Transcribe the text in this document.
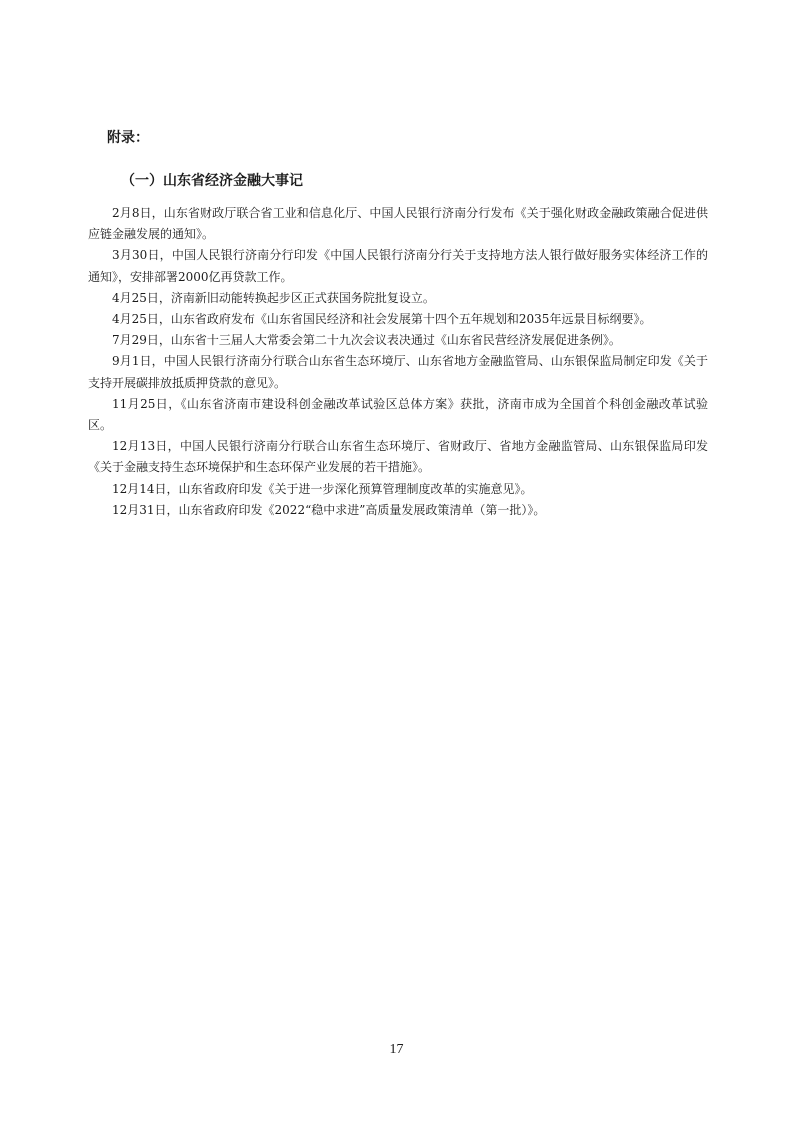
附录：
（一）山东省经济金融大事记

2月8日，山东省财政厅联合省工业和信息化厅、中国人民银行济南分行发布《关于强化财政金融政策融合促进供应链金融发展的通知》。

3月30日，中国人民银行济南分行印发《中国人民银行济南分行关于支持地方法人银行做好服务实体经济工作的通知》，安排部署2000亿再贷款工作。

4月25日，济南新旧动能转换起步区正式获国务院批复设立。

4月25日，山东省政府发布《山东省国民经济和社会发展第十四个五年规划和2035年远景目标纲要》。

7月29日，山东省十三届人大常委会第二十九次会议表决通过《山东省民营经济发展促进条例》。

9月1日，中国人民银行济南分行联合山东省生态环境厅、山东省地方金融监管局、山东银保监局制定印发《关于支持开展碳排放抵质押贷款的意见》。

11月25日，《山东省济南市建设科创金融改革试验区总体方案》获批，济南市成为全国首个科创金融改革试验区。

12月13日，中国人民银行济南分行联合山东省生态环境厅、省财政厅、省地方金融监管局、山东银保监局印发《关于金融支持生态环境保护和生态环保产业发展的若干措施》。

12月14日，山东省政府印发《关于进一步深化预算管理制度改革的实施意见》。

12月31日，山东省政府印发《2022“稳中求进”高质量发展政策清单（第一批）》。

17
